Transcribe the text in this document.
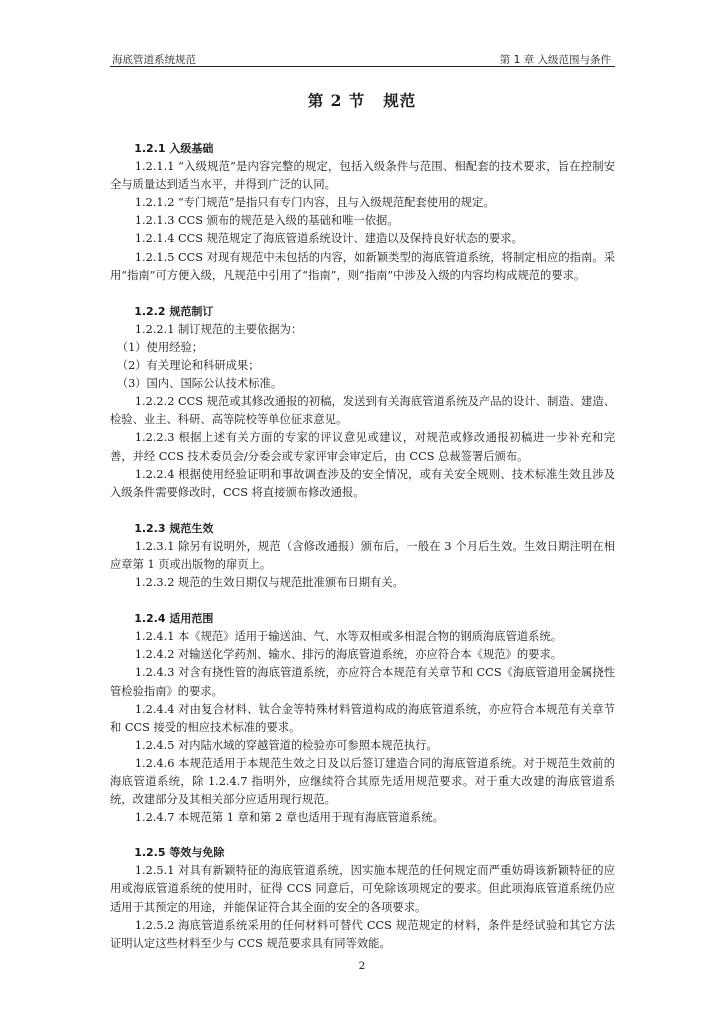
海底管道系统规范	第 1 章 入级范围与条件
第 2 节 规范

1.2.1 入级基础

1.2.1.1 “入级规范”是内容完整的规定，包括入级条件与范围、相配套的技术要求，旨在控制安全与质量达到适当水平，并得到广泛的认同。

1.2.1.2 “专门规范”是指只有专门内容，且与入级规范配套使用的规定。

1.2.1.3 CCS 颁布的规范是入级的基础和唯一依据。

1.2.1.4 CCS 规范规定了海底管道系统设计、建造以及保持良好状态的要求。

1.2.1.5 CCS 对现有规范中未包括的内容，如新颖类型的海底管道系统，将制定相应的指南。采用“指南”可方便入级，凡规范中引用了“指南”，则“指南”中涉及入级的内容均构成规范的要求。

1.2.2 规范制订

1.2.2.1 制订规范的主要依据为：

（1）使用经验；

（2）有关理论和科研成果；

（3）国内、国际公认技术标准。

1.2.2.2 CCS 规范或其修改通报的初稿，发送到有关海底管道系统及产品的设计、制造、建造、检验、业主、科研、高等院校等单位征求意见。

1.2.2.3 根据上述有关方面的专家的评议意见或建议，对规范或修改通报初稿进一步补充和完善，并经 CCS 技术委员会/分委会或专家评审会审定后，由 CCS 总裁签署后颁布。

1.2.2.4 根据使用经验证明和事故调查涉及的安全情况，或有关安全规则、技术标准生效且涉及入级条件需要修改时，CCS 将直接颁布修改通报。

1.2.3 规范生效

1.2.3.1 除另有说明外，规范（含修改通报）颁布后，一般在 3 个月后生效。生效日期注明在相应章第 1 页或出版物的扉页上。

1.2.3.2 规范的生效日期仅与规范批准颁布日期有关。

1.2.4 适用范围

1.2.4.1 本《规范》适用于输送油、气、水等双相或多相混合物的钢质海底管道系统。

1.2.4.2 对输送化学药剂、输水、排污的海底管道系统，亦应符合本《规范》的要求。

1.2.4.3 对含有挠性管的海底管道系统，亦应符合本规范有关章节和 CCS《海底管道用金属挠性管检验指南》的要求。

1.2.4.4 对由复合材料、钛合金等特殊材料管道构成的海底管道系统，亦应符合本规范有关章节和 CCS 接受的相应技术标准的要求。

1.2.4.5 对内陆水域的穿越管道的检验亦可参照本规范执行。

1.2.4.6 本规范适用于本规范生效之日及以后签订建造合同的海底管道系统。对于规范生效前的海底管道系统，除 1.2.4.7 指明外，应继续符合其原先适用规范要求。对于重大改建的海底管道系统，改建部分及其相关部分应适用现行规范。

1.2.4.7 本规范第 1 章和第 2 章也适用于现有海底管道系统。

1.2.5 等效与免除

1.2.5.1 对具有新颖特征的海底管道系统，因实施本规范的任何规定而严重妨碍该新颖特征的应用或海底管道系统的使用时，征得 CCS 同意后，可免除该项规定的要求。但此项海底管道系统仍应适用于其预定的用途，并能保证符合其全面的安全的各项要求。

1.2.5.2 海底管道系统采用的任何材料可替代 CCS 规范规定的材料，条件是经试验和其它方法证明认定这些材料至少与 CCS 规范要求具有同等效能。

2
